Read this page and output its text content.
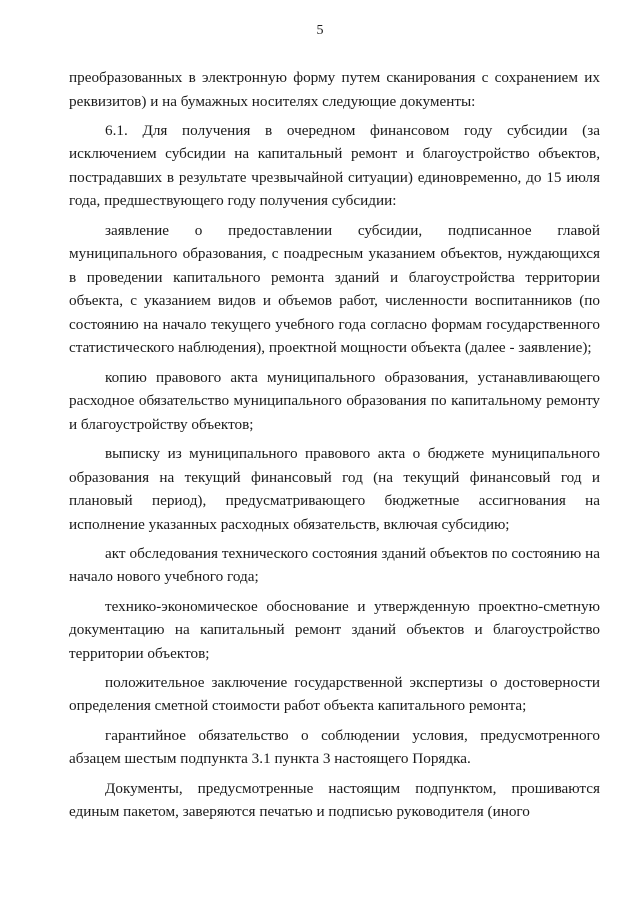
5

преобразованных в электронную форму путем сканирования с сохранением их реквизитов) и на бумажных носителях следующие документы:

6.1. Для получения в очередном финансовом году субсидии (за исключением субсидии на капитальный ремонт и благоустройство объектов, пострадавших в результате чрезвычайной ситуации) единовременно, до 15 июля года, предшествующего году получения субсидии:

заявление о предоставлении субсидии, подписанное главой муниципального образования, с поадресным указанием объектов, нуждающихся в проведении капитального ремонта зданий и благоустройства территории объекта, с указанием видов и объемов работ, численности воспитанников (по состоянию на начало текущего учебного года согласно формам государственного статистического наблюдения), проектной мощности объекта (далее - заявление);

копию правового акта муниципального образования, устанавливающего расходное обязательство муниципального образования по капитальному ремонту и благоустройству объектов;

выписку из муниципального правового акта о бюджете муниципального образования на текущий финансовый год (на текущий финансовый год и плановый период), предусматривающего бюджетные ассигнования на исполнение указанных расходных обязательств, включая субсидию;

акт обследования технического состояния зданий объектов по состоянию на начало нового учебного года;

технико-экономическое обоснование и утвержденную проектно-сметную документацию на капитальный ремонт зданий объектов и благоустройство территории объектов;

положительное заключение государственной экспертизы о достоверности определения сметной стоимости работ объекта капитального ремонта;

гарантийное обязательство о соблюдении условия, предусмотренного абзацем шестым подпункта 3.1 пункта 3 настоящего Порядка.

Документы, предусмотренные настоящим подпунктом, прошиваются единым пакетом, заверяются печатью и подписью руководителя (иного
